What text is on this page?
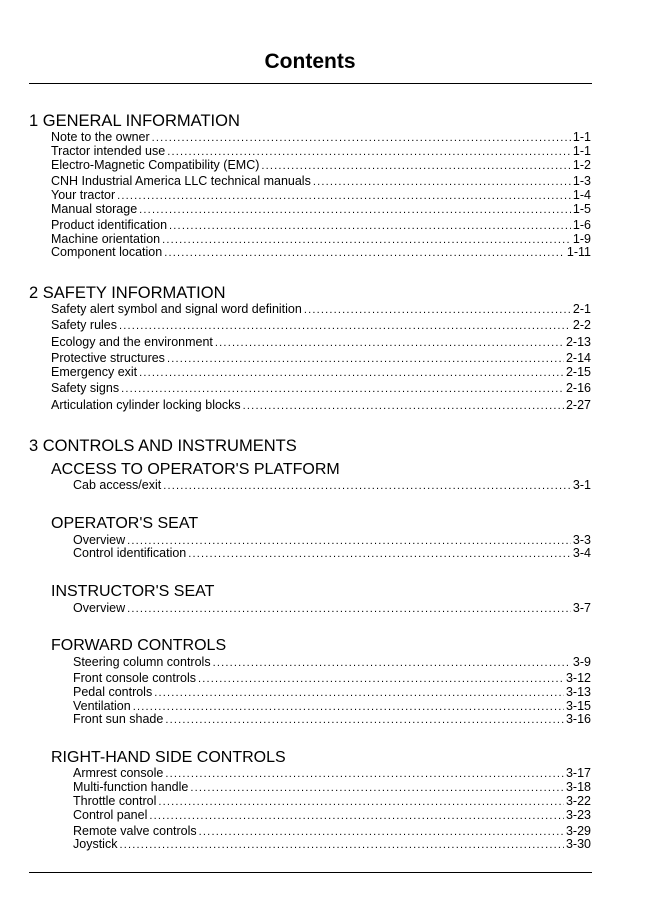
Contents
1 GENERAL INFORMATION
Note to the owner .....	1-1
Tractor intended use .....	1-1
Electro-Magnetic Compatibility (EMC) .....	1-2
CNH Industrial America LLC technical manuals .....	1-3
Your tractor .....	1-4
Manual storage .....	1-5
Product identification .....	1-6
Machine orientation .....	1-9
Component location .....	1-11
2 SAFETY INFORMATION
Safety alert symbol and signal word definition .....	2-1
Safety rules .....	2-2
Ecology and the environment .....	2-13
Protective structures .....	2-14
Emergency exit .....	2-15
Safety signs .....	2-16
Articulation cylinder locking blocks .....	2-27
3 CONTROLS AND INSTRUMENTS
ACCESS TO OPERATOR'S PLATFORM
Cab access/exit .....	3-1
OPERATOR'S SEAT
Overview .....	3-3
Control identification .....	3-4
INSTRUCTOR'S SEAT
Overview .....	3-7
FORWARD CONTROLS
Steering column controls .....	3-9
Front console controls .....	3-12
Pedal controls .....	3-13
Ventilation .....	3-15
Front sun shade .....	3-16
RIGHT-HAND SIDE CONTROLS
Armrest console .....	3-17
Multi-function handle .....	3-18
Throttle control .....	3-22
Control panel .....	3-23
Remote valve controls .....	3-29
Joystick .....	3-30
